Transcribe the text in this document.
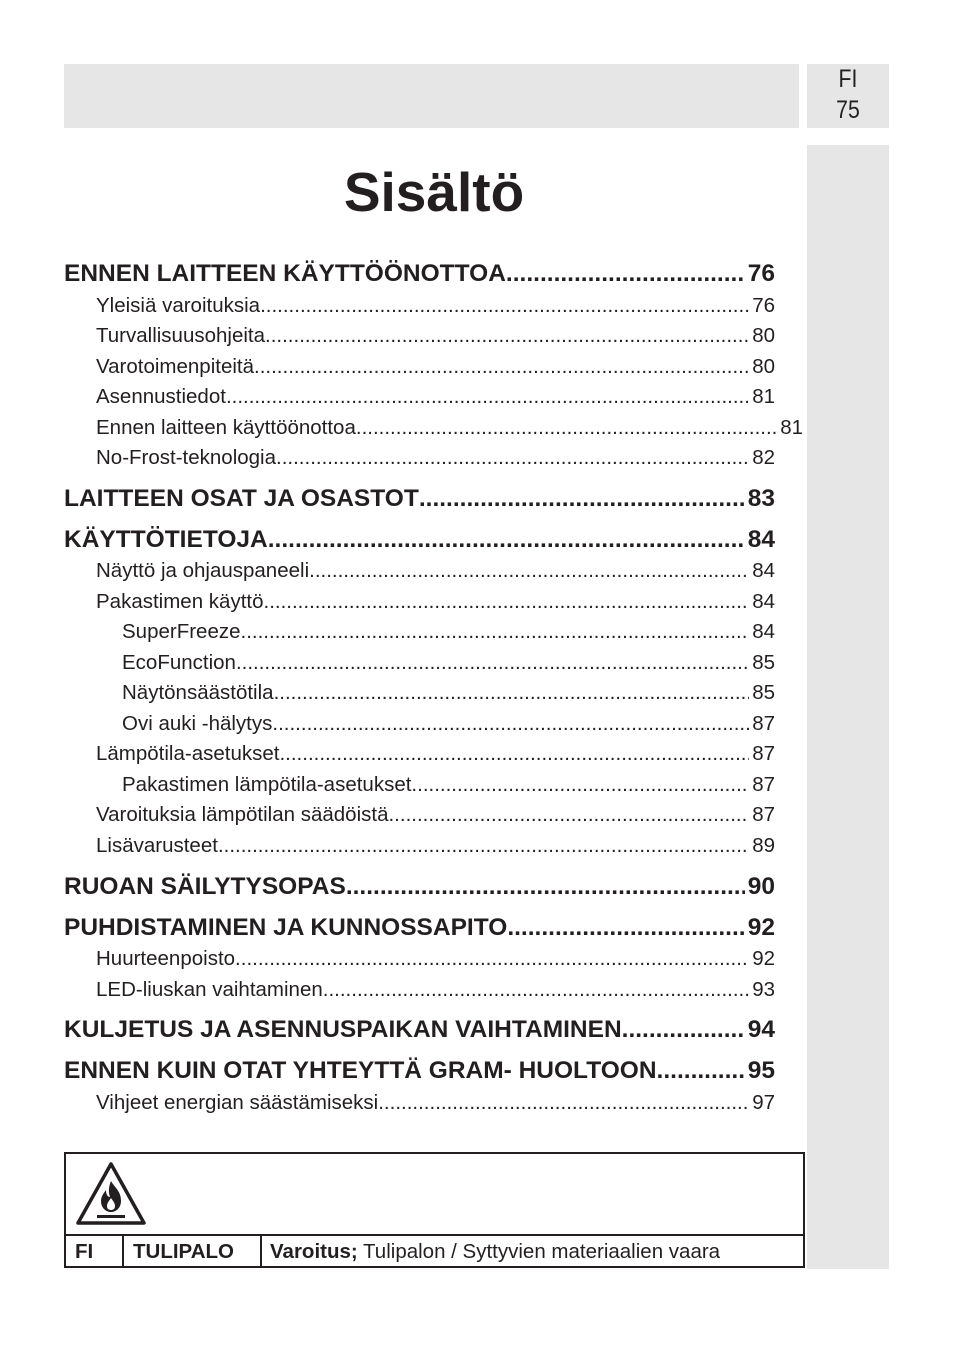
FI
75
Sisältö
ENNEN LAITTEEN KÄYTTÖÖNOTTOA .....	76
Yleisiä varoituksia .....	76
Turvallisuusohjeita .....	80
Varotoimenpiteitä .....	80
Asennustiedot .....	81
Ennen laitteen käyttöönottoa .....	81
No-Frost-teknologia .....	82
LAITTEEN OSAT JA OSASTOT .....	83
KÄYTTÖTIETOJA .....	84
Näyttö ja ohjauspaneeli .....	84
Pakastimen käyttö .....	84
SuperFreeze .....	84
EcoFunction .....	85
Näytönsäästötila .....	85
Ovi auki -hälytys .....	87
Lämpötila-asetukset .....	87
Pakastimen lämpötila-asetukset .....	87
Varoituksia lämpötilan säädöistä .....	87
Lisävarusteet .....	89
RUOAN SÄILYTYSOPAS .....	90
PUHDISTAMINEN JA KUNNOSSAPITO .....	92
Huurteenpoisto .....	92
LED-liuskan vaihtaminen .....	93
KULJETUS JA ASENNUSPAIKAN VAIHTAMINEN .....	94
ENNEN KUIN OTAT YHTEYTTÄ GRAM- HUOLTOON .....	95
Vihjeet energian säästämiseksi .....	97
FI	TULIPALO	Varoitus; Tulipalon / Syttyvien materiaalien vaara
